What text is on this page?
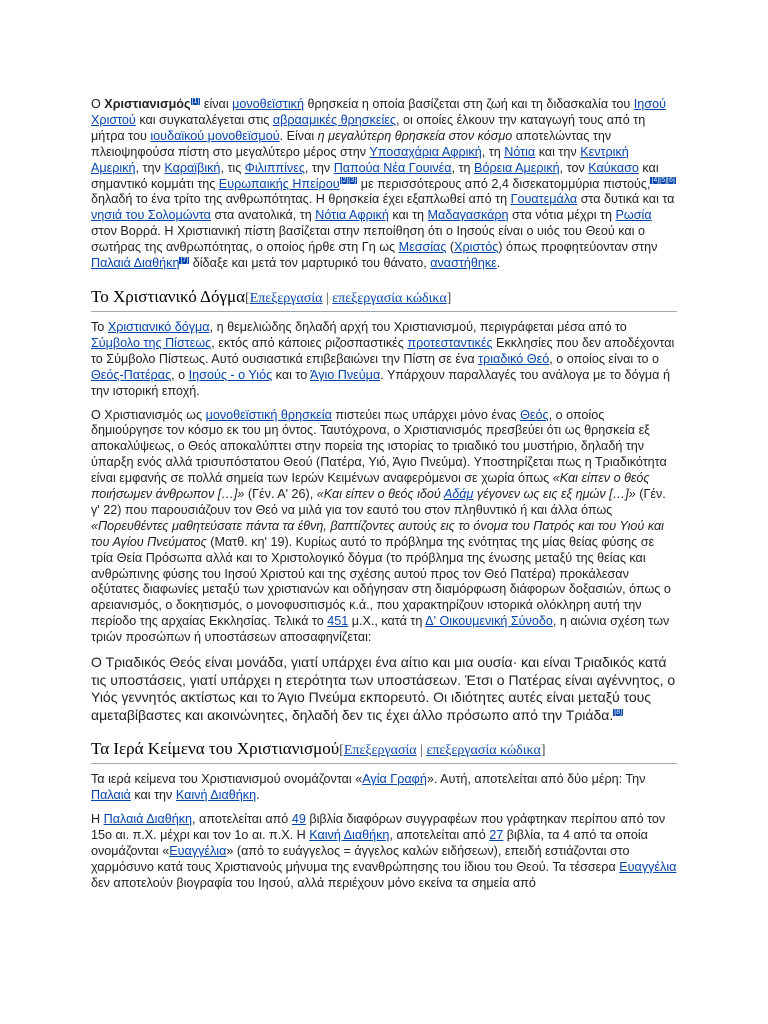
Ο Χριστιανισμός[1] είναι μονοθεϊστική θρησκεία η οποία βασίζεται στη ζωή και τη διδασκαλία του Ιησού Χριστού και συγκαταλέγεται στις αβρααμικές θρησκείες, οι οποίες έλκουν την καταγωγή τους από τη μήτρα του ιουδαϊκού μονοθεϊσμού. Είναι η μεγαλύτερη θρησκεία στον κόσμο αποτελώντας την πλειοψηφούσα πίστη στο μεγαλύτερο μέρος στην Υποσαχάρια Αφρική, τη Νότια και την Κεντρική Αμερική, την Καραϊβική, τις Φιλιππίνες, την Παπούα Νέα Γουινέα, τη Βόρεια Αμερική, τον Καύκασο και σημαντικό κομμάτι της Ευρωπαικής Ηπείρου[2][3] με περισσότερους από 2,4 δισεκατομμύρια πιστούς,[4][5][6] δηλαδή το ένα τρίτο της ανθρωπότητας. Η θρησκεία έχει εξαπλωθεί από τη Γουατεμάλα στα δυτικά και τα νησιά του Σολομώντα στα ανατολικά, τη Νότια Αφρική και τη Μαδαγασκάρη στα νότια μέχρι τη Ρωσία στον Βορρά. Η Χριστιανική πίστη βασίζεται στην πεποίθηση ότι ο Ιησούς είναι ο υιός του Θεού και ο σωτήρας της ανθρωπότητας, ο οποίος ήρθε στη Γη ως Μεσσίας (Χριστός) όπως προφητεύονταν στην Παλαιά Διαθήκη[7] δίδαξε και μετά τον μαρτυρικό του θάνατο, αναστήθηκε.

Το Χριστιανικό Δόγμα[Επεξεργασία | επεξεργασία κώδικα]

Το Χριστιανικό δόγμα, η θεμελιώδης δηλαδή αρχή του Χριστιανισμού, περιγράφεται μέσα από το Σύμβολο της Πίστεως, εκτός από κάποιες ριζοσπαστικές προτεσταντικές Εκκλησίες που δεν αποδέχονται το Σύμβολο Πίστεως. Αυτό ουσιαστικά επιβεβαιώνει την Πίστη σε ένα τριαδικό Θεό, ο οποίος είναι το ο Θεός-Πατέρας, ο Ιησούς - ο Υιός και το Άγιο Πνεύμα. Υπάρχουν παραλλαγές του ανάλογα με το δόγμα ή την ιστορική εποχή.

Ο Χριστιανισμός ως μονοθεϊστική θρησκεία πιστεύει πως υπάρχει μόνο ένας Θεός, ο οποίος δημιούργησε τον κόσμο εκ του μη όντος. Ταυτόχρονα, ο Χριστιανισμός πρεσβεύει ότι ως θρησκεία εξ αποκαλύψεως, ο Θεός αποκαλύπτει στην πορεία της ιστορίας το τριαδικό του μυστήριο, δηλαδή την ύπαρξη ενός αλλά τρισυπόστατου Θεού (Πατέρα, Υιό, Άγιο Πνεύμα). Υποστηρίζεται πως η Τριαδικότητα είναι εμφανής σε πολλά σημεία των Ιερών Κειμένων αναφερόμενοι σε χωρία όπως «Και είπεν ο θεός ποιήσωμεν άνθρωπον […]» (Γέν. Α' 26), «Και είπεν ο θεός ιδού Αδάμ γέγονεν ως εις εξ ημών […]» (Γέν. γ' 22) που παρουσιάζουν τον Θεό να μιλά για τον εαυτό του στον πληθυντικό ή και άλλα όπως «Πορευθέντες μαθητεύσατε πάντα τα έθνη, βαπτίζοντες αυτούς εις το όνομα του Πατρός και του Υιού και του Αγίου Πνεύματος (Ματθ. κη' 19). Κυρίως αυτό το πρόβλημα της ενότητας της μίας θείας φύσης σε τρία Θεία Πρόσωπα αλλά και το Χριστολογικό δόγμα (το πρόβλημα της ένωσης μεταξύ της θείας και ανθρώπινης φύσης του Ιησού Χριστού και της σχέσης αυτού προς τον Θεό Πατέρα) προκάλεσαν οξύτατες διαφωνίες μεταξύ των χριστιανών και οδήγησαν στη διαμόρφωση διάφορων δοξασιών, όπως ο αρειανισμός, ο δοκητισμός, ο μονοφυσιτισμός κ.ά., που χαρακτηρίζουν ιστορικά ολόκληρη αυτή την περίοδο της αρχαίας Εκκλησίας. Τελικά το 451 μ.Χ., κατά τη Δ' Οικουμενική Σύνοδο, η αιώνια σχέση των τριών προσώπων ή υποστάσεων αποσαφηνίζεται:

Ο Τριαδικός Θεός είναι μονάδα, γιατί υπάρχει ένα αίτιο και μια ουσία· και είναι Τριαδικός κατά τις υποστάσεις, γιατί υπάρχει η ετερότητα των υποστάσεων. Έτσι ο Πατέρας είναι αγέννητος, ο Υιός γεννητός ακτίστως και το Άγιο Πνεύμα εκπορευτό. Οι ιδιότητες αυτές είναι μεταξύ τους αμεταβίβαστες και ακοινώνητες, δηλαδή δεν τις έχει άλλο πρόσωπο από την Τριάδα.[8]

Τα Ιερά Κείμενα του Χριστιανισμού[Επεξεργασία | επεξεργασία κώδικα]

Τα ιερά κείμενα του Χριστιανισμού ονομάζονται «Αγία Γραφή». Αυτή, αποτελείται από δύο μέρη: Την Παλαιά και την Καινή Διαθήκη.

Η Παλαιά Διαθήκη, αποτελείται από 49 βιβλία διαφόρων συγγραφέων που γράφτηκαν περίπου από τον 15ο αι. π.Χ. μέχρι και τον 1ο αι. π.Χ. Η Καινή Διαθήκη, αποτελείται από 27 βιβλία, τα 4 από τα οποία ονομάζονται «Ευαγγέλια» (από το ευάγγελος = άγγελος καλών ειδήσεων), επειδή εστιάζονται στο χαρμόσυνο κατά τους Χριστιανούς μήνυμα της ενανθρώπησης του ίδιου του Θεού. Τα τέσσερα Ευαγγέλια δεν αποτελούν βιογραφία του Ιησού, αλλά περιέχουν μόνο εκείνα τα σημεία από
